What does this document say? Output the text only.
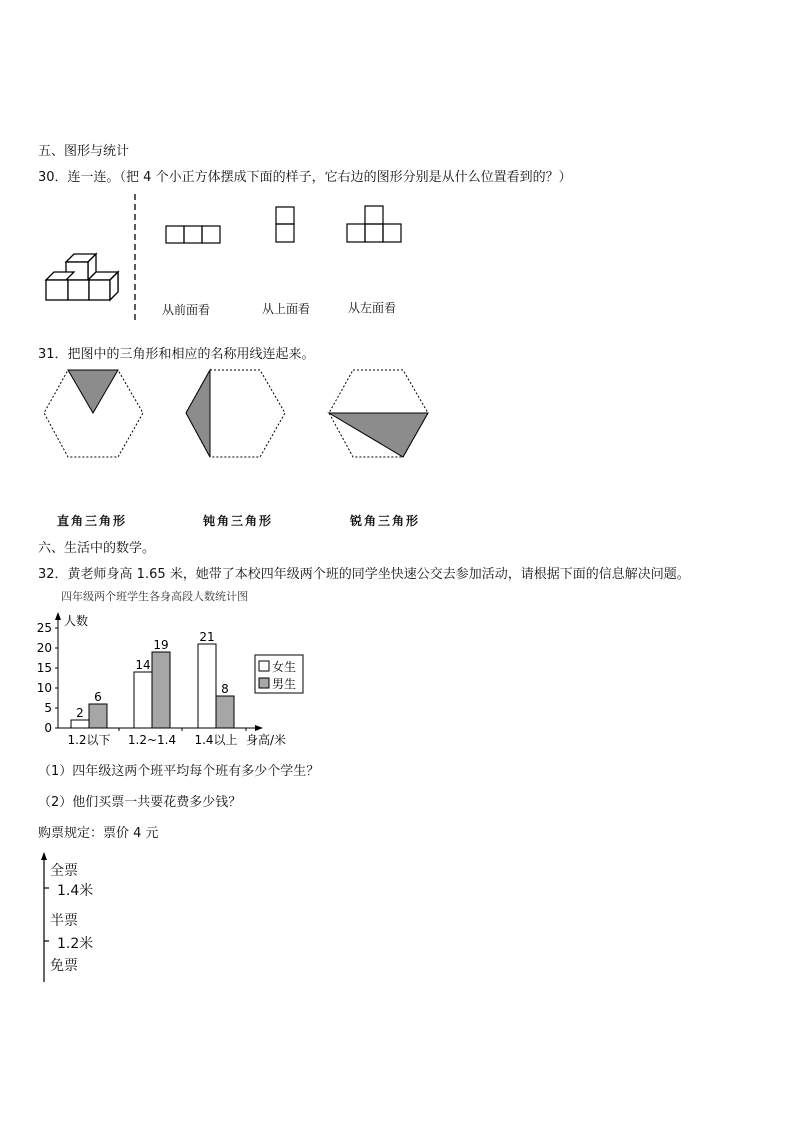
五、图形与统计
30．连一连。（把 4 个小正方体摆成下面的样子，它右边的图形分别是从什么位置看到的？）
从前面看	从上面看	从左面看
31．把图中的三角形和相应的名称用线连起来。
直角三角形	钝角三角形	锐角三角形
六、生活中的数学。
32．黄老师身高 1.65 米，她带了本校四年级两个班的同学坐快速公交去参加活动，请根据下面的信息解决问题。
四年级两个班学生各身高段人数统计图
0
5
10
15
20
25 人数
身高/米
2
6
1.2以下
14
19
1.2~1.4
21
8
1.4以上
女生
男生
（1）四年级这两个班平均每个班有多少个学生？
（2）他们买票一共要花费多少钱？
购票规定：票价 4 元
全票
1.4米
半票
1.2米
免票
